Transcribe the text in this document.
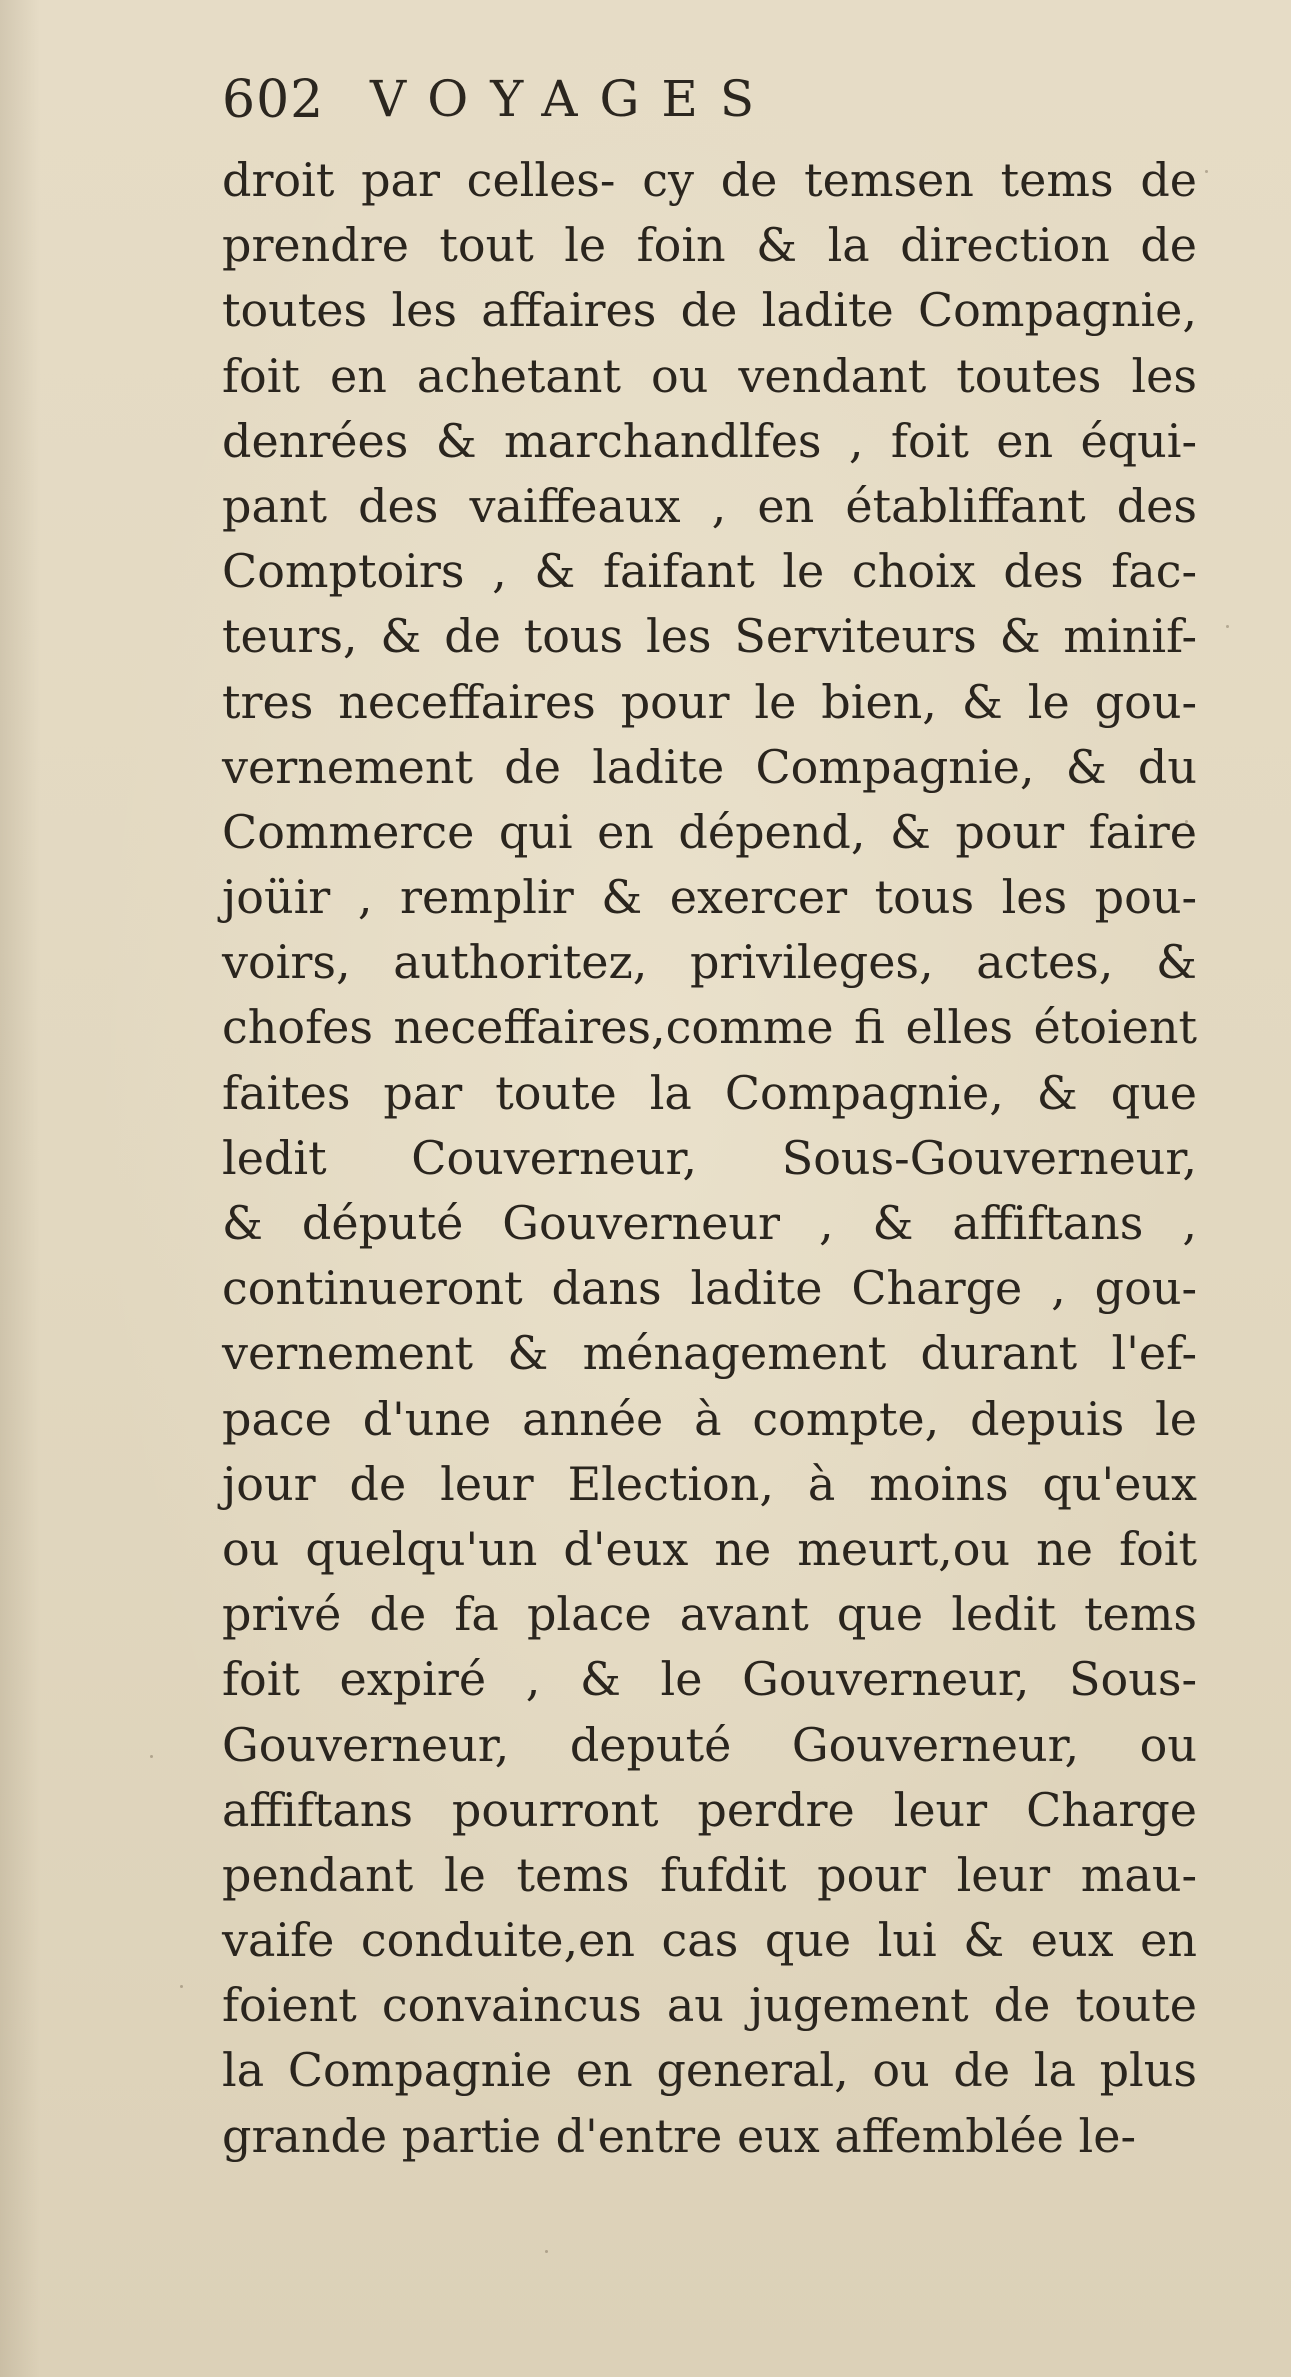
602 VOYAGES
droit par celles- cy de temsen tems de
prendre tout le foin & la direction de
toutes les affaires de ladite Compagnie,
foit en achetant ou vendant toutes les
denrées & marchandlfes , foit en équi-
pant des vaiffeaux , en établiffant des
Comptoirs , & faifant le choix des fac-
teurs, & de tous les Serviteurs & minif-
tres neceffaires pour le bien, & le gou-
vernement de ladite Compagnie, & du
Commerce qui en dépend, & pour faire
joüir , remplir & exercer tous les pou-
voirs, authoritez, privileges, actes, &
chofes neceffaires,comme fi elles étoient
faites par toute la Compagnie, & que
ledit Couverneur, Sous-Gouverneur,
& député Gouverneur , & affiftans ,
continueront dans ladite Charge , gou-
vernement & ménagement durant l'ef-
pace d'une année à compte, depuis le
jour de leur Election, à moins qu'eux
ou quelqu'un d'eux ne meurt,ou ne foit
privé de fa place avant que ledit tems
foit expiré , & le Gouverneur, Sous-
Gouverneur, deputé Gouverneur, ou
affiftans pourront perdre leur Charge
pendant le tems fufdit pour leur mau-
vaife conduite,en cas que lui & eux en
foient convaincus au jugement de toute
la Compagnie en general, ou de la plus
grande partie d'entre eux affemblée le-
